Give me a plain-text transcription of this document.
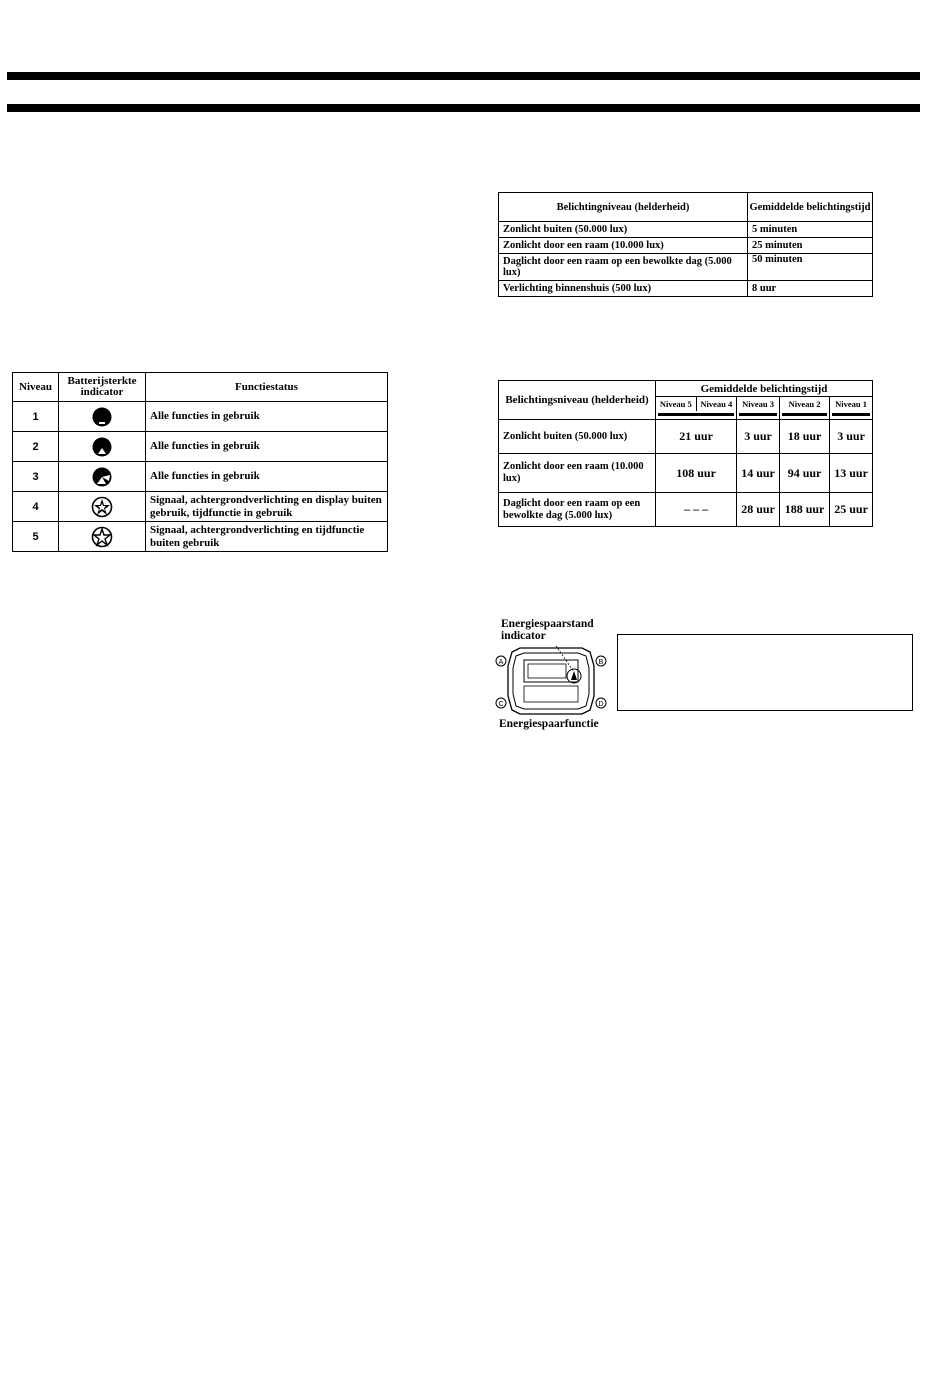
Niveau	Batterijsterkte indicator	Functiestatus
1		Alle functies in gebruik
2		Alle functies in gebruik
3		Alle functies in gebruik
4		Signaal, achtergrondverlichting en display buiten gebruik, tijdfunctie in gebruik
5		Signaal, achtergrondverlichting en tijdfunctie buiten gebruik
Belichtingniveau (helderheid)	Gemiddelde belichtingstijd
Zonlicht buiten (50.000 lux)	5 minuten
Zonlicht door een raam (10.000 lux)	25 minuten
Daglicht door een raam op een bewolkte dag (5.000 lux)	50 minuten
Verlichting binnenshuis (500 lux)	8 uur
Belichtingsniveau (helderheid)	Gemiddelde belichtingstijd				
	Niveau 5	Niveau 4	Niveau 3	Niveau 2	Niveau 1

Zonlicht buiten (50.000 lux)	21 uur		3 uur	18 uur	3 uur
Zonlicht door een raam (10.000 lux)	108 uur		14 uur	94 uur	13 uur
Daglicht door een raam op een bewolkte dag (5.000 lux)	– – –		28 uur	188 uur	25 uur
Energiespaarstand indicator
A	B
C	D
Energiespaarfunctie
